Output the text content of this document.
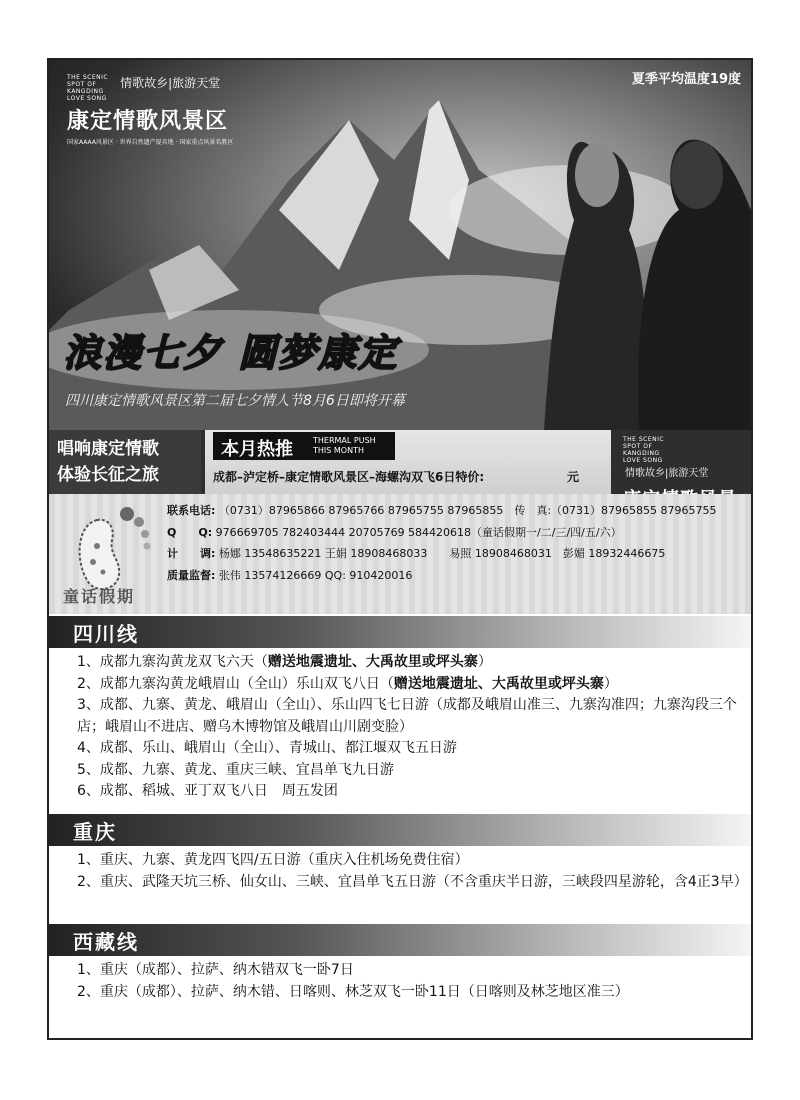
THE SCENIC SPOT OF KANGDING LOVE SONG 情歌故乡|旅游天堂
康定情歌风景区
国家AAAA风景区 · 世界自然遗产提名地 · 国家重点风景名胜区
夏季平均温度19度
浪漫七夕 圆梦康定
四川康定情歌风景区第二届七夕情人节8月6日即将开幕
唱响康定情歌
体验长征之旅
本月热推	THERMAL PUSH
THIS MONTH
成都–泸定桥–康定情歌风景区–海螺沟双飞6日特价:	元
THE SCENIC SPOT OF KANGDING LOVE SONG 情歌故乡|旅游天堂
童话假期
联系电话: （0731）87965866 87965766 87965755 87965855　传　真:（0731）87965855 87965755
Q　　Q: 976669705 782403444 20705769 584420618（童话假期一/二/三/四/五/六）
计　　调: 杨娜 13548635221 王娟 18908468033　　易照 18908468031　彭媚 18932446675
质量监督: 张伟 13574126669 QQ: 910420016
四川线
1、成都九寨沟黄龙双飞六天（赠送地震遗址、大禹故里或坪头寨）
2、成都九寨沟黄龙峨眉山（全山）乐山双飞八日（赠送地震遗址、大禹故里或坪头寨）
3、成都、九寨、黄龙、峨眉山（全山）、乐山四飞七日游（成都及峨眉山准三、九寨沟准四；九寨沟段三个店；峨眉山不进店、赠乌木博物馆及峨眉山川剧变脸）
4、成都、乐山、峨眉山（全山）、青城山、都江堰双飞五日游
5、成都、九寨、黄龙、重庆三峡、宜昌单飞九日游
6、成都、稻城、亚丁双飞八日　周五发团
重庆
1、重庆、九寨、黄龙四飞四/五日游（重庆入住机场免费住宿）
2、重庆、武隆天坑三桥、仙女山、三峡、宜昌单飞五日游（不含重庆半日游，三峡段四星游轮，含4正3早）
西藏线
1、重庆（成都）、拉萨、纳木错双飞一卧7日
2、重庆（成都）、拉萨、纳木错、日喀则、林芝双飞一卧11日（日喀则及林芝地区准三）
